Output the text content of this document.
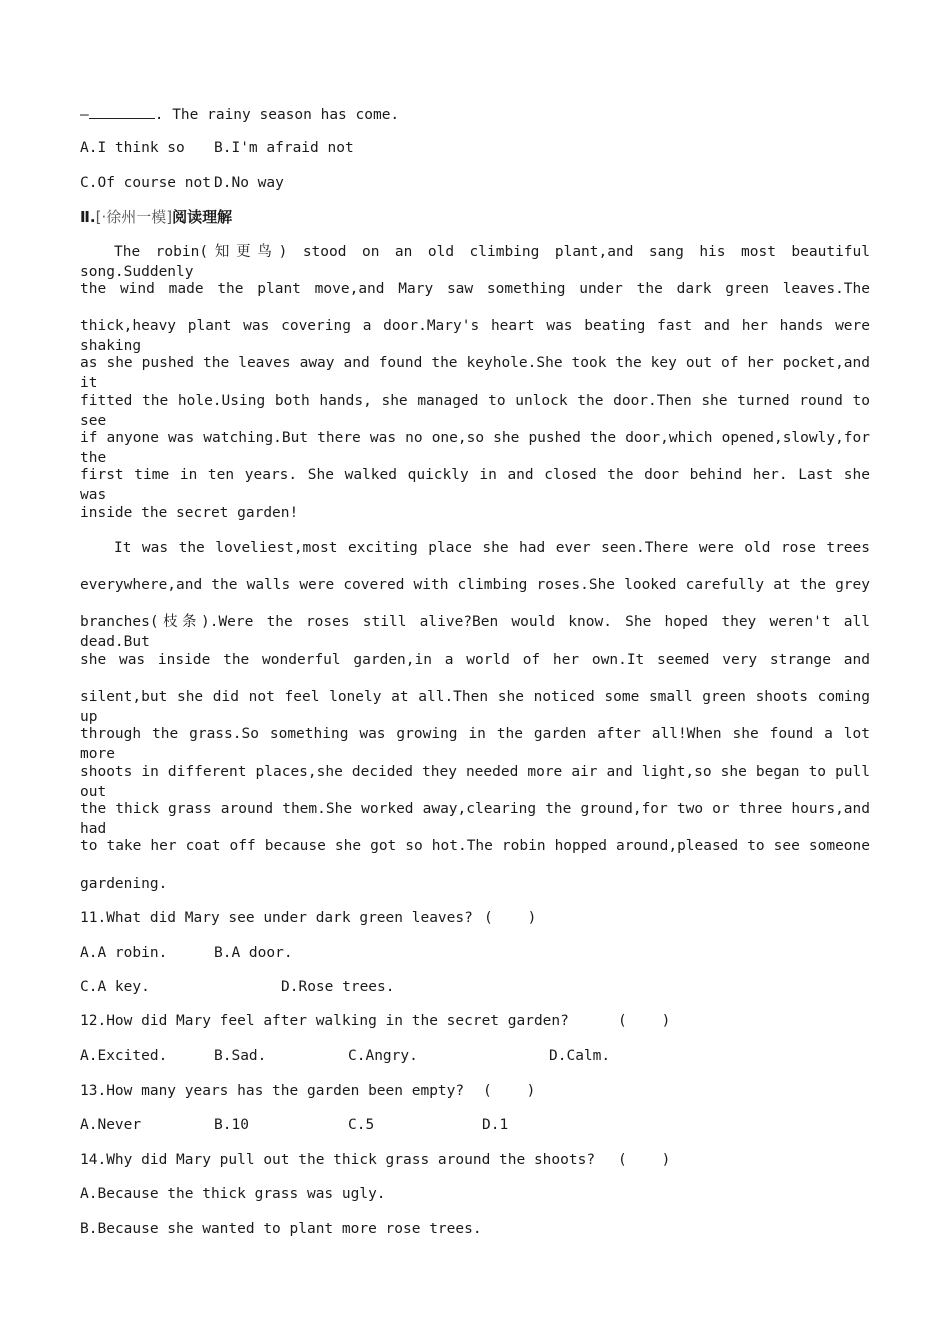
—	. The rainy season has come.
A.I think so B.I'm afraid not
C.Of course not D.No way
Ⅱ.[·徐州一模]阅读理解
The robin(知更鸟) stood on an old climbing plant,and sang his most beautiful song.Suddenly
the wind made the plant move,and Mary saw something under the dark green leaves.The
thick,heavy plant was covering a door.Mary's heart was beating fast and her hands were shaking
as she pushed the leaves away and found the keyhole.She took the key out of her pocket,and it
fitted the hole.Using both hands, she managed to unlock the door.Then she turned round to see
if anyone was watching.But there was no one,so she pushed the door,which opened,slowly,for the
first time in ten years. She walked quickly in and closed the door behind her. Last she was
inside the secret garden!
It was the loveliest,most exciting place she had ever seen.There were old rose trees
everywhere,and the walls were covered with climbing roses.She looked carefully at the grey
branches(枝条).Were the roses still alive?Ben would know. She hoped they weren't all dead.But
she was inside the wonderful garden,in a world of her own.It seemed very strange and
silent,but she did not feel lonely at all.Then she noticed some small green shoots coming up
through the grass.So something was growing in the garden after all!When she found a lot more
shoots in different places,she decided they needed more air and light,so she began to pull out
the thick grass around them.She worked away,clearing the ground,for two or three hours,and had
to take her coat off because she got so hot.The robin hopped around,pleased to see someone
gardening.
11.What did Mary see under dark green leaves? (    )
A.A robin.	B.A door.
C.A key.	D.Rose trees.
12.How did Mary feel after walking in the secret garden?	(    )
A.Excited.	B.Sad.	C.Angry.	D.Calm.
13.How many years has the garden been empty? (    )
A.Never	B.10	C.5	D.1
14.Why did Mary pull out the thick grass around the shoots? (    )
A.Because the thick grass was ugly.
B.Because she wanted to plant more rose trees.
